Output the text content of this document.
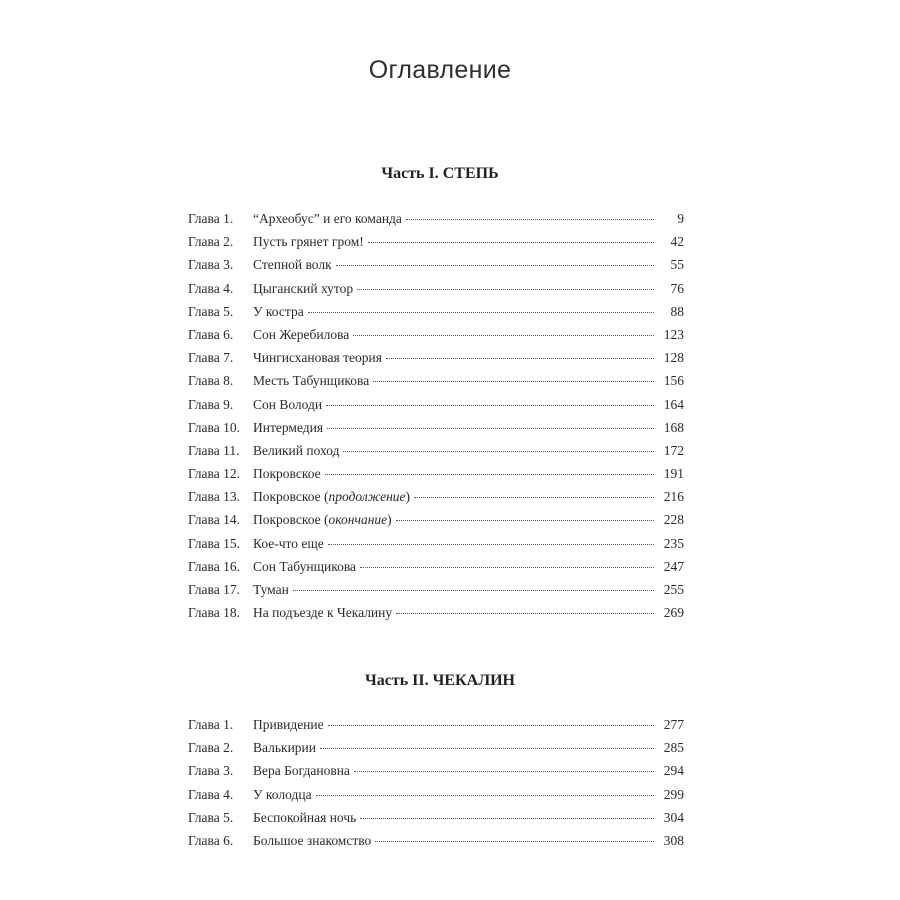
Оглавление
Часть I. СТЕПЬ
Глава 1.	“Археобус” и его команда	9
Глава 2.	Пусть грянет гром!	42
Глава 3.	Степной волк	55
Глава 4.	Цыганский хутор	76
Глава 5.	У костра	88
Глава 6.	Сон Жеребилова	123
Глава 7.	Чингисхановая теория	128
Глава 8.	Месть Табунщикова	156
Глава 9.	Сон Володи	164
Глава 10. Интермедия	168
Глава 11.	Великий поход	172
Глава 12. Покровское	191
Глава 13. Покровское (продолжение)	216
Глава 14. Покровское (окончание)	228
Глава 15. Кое-что еще	235
Глава 16. Сон Табунщикова	247
Глава 17. Туман	255
Глава 18. На подъезде к Чекалину	269
Часть II. ЧЕКАЛИН
Глава 1.	Привидение	277
Глава 2.	Валькирии	285
Глава 3.	Вера Богдановна	294
Глава 4.	У колодца	299
Глава 5.	Беспокойная ночь	304
Глава 6.	Большое знакомство	308
